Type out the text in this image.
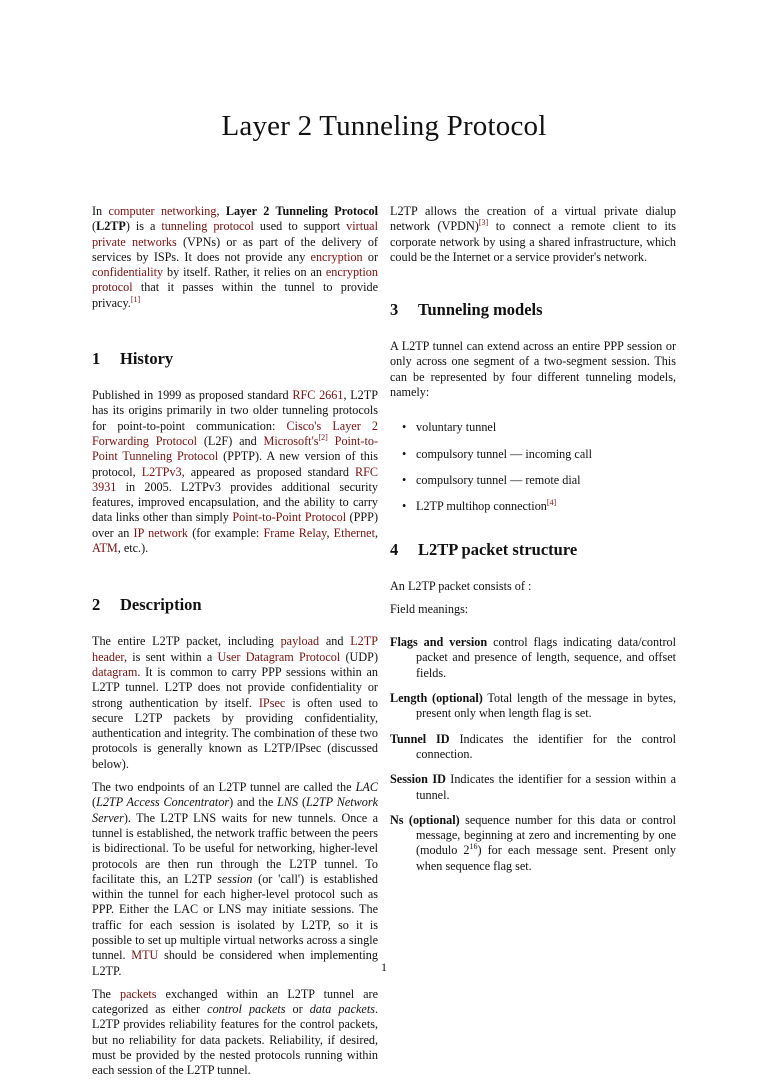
Layer 2 Tunneling Protocol

In computer networking, Layer 2 Tunneling Protocol (L2TP) is a tunneling protocol used to support virtual private networks (VPNs) or as part of the delivery of services by ISPs. It does not provide any encryption or confidentiality by itself. Rather, it relies on an encryption protocol that it passes within the tunnel to provide privacy.[1]

1 History

Published in 1999 as proposed standard RFC 2661, L2TP has its origins primarily in two older tunneling protocols for point-to-point communication: Cisco's Layer 2 Forwarding Protocol (L2F) and Microsoft's[2] Point-to-Point Tunneling Protocol (PPTP). A new version of this protocol, L2TPv3, appeared as proposed standard RFC 3931 in 2005. L2TPv3 provides additional security features, improved encapsulation, and the ability to carry data links other than simply Point-to-Point Protocol (PPP) over an IP network (for example: Frame Relay, Ethernet, ATM, etc.).

2 Description

The entire L2TP packet, including payload and L2TP header, is sent within a User Datagram Protocol (UDP) datagram. It is common to carry PPP sessions within an L2TP tunnel. L2TP does not provide confidentiality or strong authentication by itself. IPsec is often used to secure L2TP packets by providing confidentiality, authentication and integrity. The combination of these two protocols is generally known as L2TP/IPsec (discussed below).

The two endpoints of an L2TP tunnel are called the LAC (L2TP Access Concentrator) and the LNS (L2TP Network Server). The L2TP LNS waits for new tunnels. Once a tunnel is established, the network traffic between the peers is bidirectional. To be useful for networking, higher-level protocols are then run through the L2TP tunnel. To facilitate this, an L2TP session (or 'call') is established within the tunnel for each higher-level protocol such as PPP. Either the LAC or LNS may initiate sessions. The traffic for each session is isolated by L2TP, so it is possible to set up multiple virtual networks across a single tunnel. MTU should be considered when implementing L2TP.

The packets exchanged within an L2TP tunnel are categorized as either control packets or data packets. L2TP provides reliability features for the control packets, but no reliability for data packets. Reliability, if desired, must be provided by the nested protocols running within each session of the L2TP tunnel.

L2TP allows the creation of a virtual private dialup network (VPDN)[3] to connect a remote client to its corporate network by using a shared infrastructure, which could be the Internet or a service provider's network.

3 Tunneling models

A L2TP tunnel can extend across an entire PPP session or only across one segment of a two-segment session. This can be represented by four different tunneling models, namely:

• voluntary tunnel
• compulsory tunnel — incoming call
• compulsory tunnel — remote dial
• L2TP multihop connection[4]
4 L2TP packet structure

An L2TP packet consists of :

Field meanings:

Flags and version control flags indicating data/control packet and presence of length, sequence, and offset fields.
Length (optional) Total length of the message in bytes, present only when length flag is set.
Tunnel ID Indicates the identifier for the control connection.
Session ID Indicates the identifier for a session within a tunnel.
Ns (optional) sequence number for this data or control message, beginning at zero and incrementing by one (modulo $2^{16}$) for each message sent. Present only when sequence flag set.
1
